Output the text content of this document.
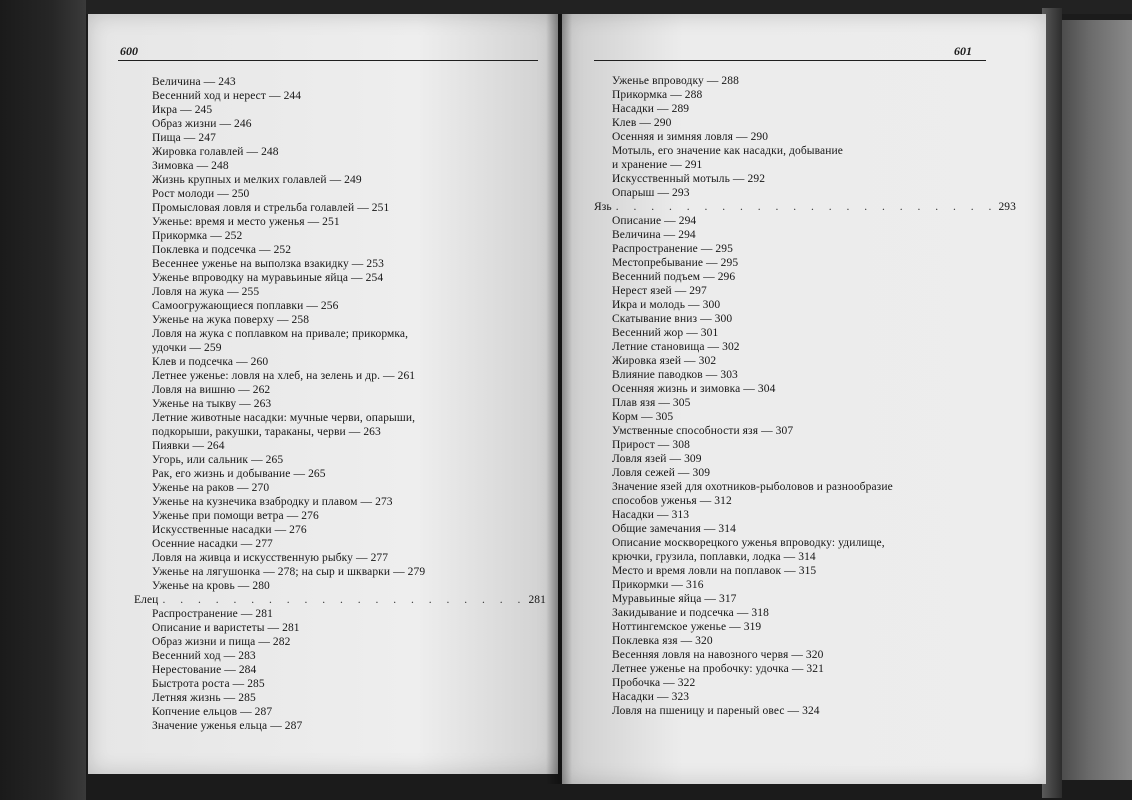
600
Величина — 243
Весенний ход и нерест — 244
Икра — 245
Образ жизни — 246
Пища — 247
Жировка голавлей — 248
Зимовка — 248
Жизнь крупных и мелких голавлей — 249
Рост молоди — 250
Промысловая ловля и стрельба голавлей — 251
Уженье: время и место уженья — 251
Прикормка — 252
Поклевка и подсечка — 252
Весеннее уженье на выползка взакидку — 253
Уженье впроводку на муравьиные яйца — 254
Ловля на жука — 255
Самоогружающиеся поплавки — 256
Уженье на жука поверху — 258
Ловля на жука с поплавком на привале; прикормка,
удочки — 259
Клев и подсечка — 260
Летнее уженье: ловля на хлеб, на зелень и др. — 261
Ловля на вишню — 262
Уженье на тыкву — 263
Летние животные насадки: мучные черви, опарыши,
подкорыши, ракушки, тараканы, черви — 263
Пиявки — 264
Угорь, или сальник — 265
Рак, его жизнь и добывание — 265
Уженье на раков — 270
Уженье на кузнечика взабродку и плавом — 273
Уженье при помощи ветра — 276
Искусственные насадки — 276
Осенние насадки — 277
Ловля на живца и искусственную рыбку — 277
Уженье на лягушонка — 278; на сыр и шкварки — 279
Уженье на кровь — 280
Елец . . .	281
Распространение — 281
Описание и варистеты — 281
Образ жизни и пища — 282
Весенний ход — 283
Нерестование — 284
Быстрота роста — 285
Летняя жизнь — 285
Копчение ельцов — 287
Значение уженья ельца — 287
601
Уженье впроводку — 288
Прикормка — 288
Насадки — 289
Клев — 290
Осенняя и зимняя ловля — 290
Мотыль, его значение как насадки, добывание
и хранение — 291
Искусственный мотыль — 292
Опарыш — 293
Язь . . .	293
Описание — 294
Величина — 294
Распространение — 295
Местопребывание — 295
Весенний подъем — 296
Нерест язей — 297
Икра и молодь — 300
Скатывание вниз — 300
Весенний жор — 301
Летние становища — 302
Жировка язей — 302
Влияние паводков — 303
Осенняя жизнь и зимовка — 304
Плав язя — 305
Корм — 305
Умственные способности язя — 307
Прирост — 308
Ловля язей — 309
Ловля сежей — 309
Значение язей для охотников-рыболовов и разнообразие
способов уженья — 312
Насадки — 313
Общие замечания — 314
Описание москворецкого уженья впроводку: удилище,
крючки, грузила, поплавки, лодка — 314
Место и время ловли на поплавок — 315
Прикормки — 316
Муравьиные яйца — 317
Закидывание и подсечка — 318
Ноттингемское уженье — 319
Поклевка язя — 320
Весенняя ловля на навозного червя — 320
Летнее уженье на пробочку: удочка — 321
Пробочка — 322
Насадки — 323
Ловля на пшеницу и пареный овес — 324
